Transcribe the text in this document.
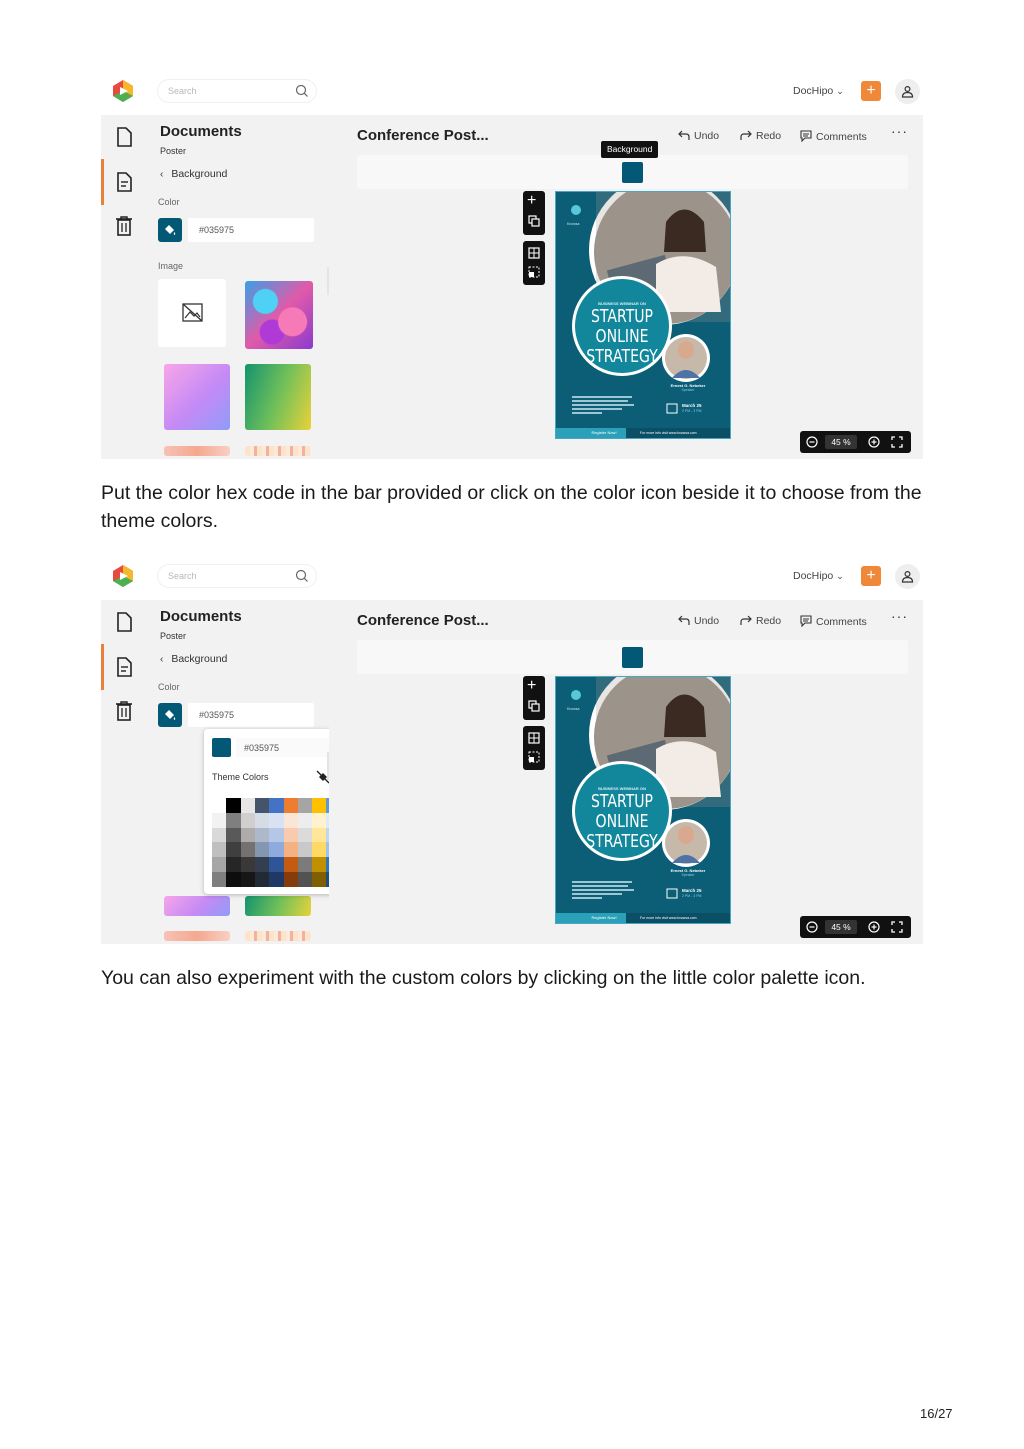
Search	DocHipo ⌄	+
Documents
Poster
‹ Background
Color
#035975
Image
Conference Post...	Undo	Redo	Comments ···
Background
+
Knowsa
BUSINESS WEBINAR ON
STARTUP
ONLINE
STRATEGY
Ernest G. Nebeker
Speaker
March 25
2 PM - 3 PM
Register Now!	For more info visit www.knowsa.com
45 %
Put the color hex code in the bar provided or click on the color icon beside it to choose from the theme colors.
Search	DocHipo ⌄	+
Documents
Poster
‹ Background
Color
#035975
#035975
Theme Colors
Conference Post...	Undo	Redo	Comments ···
+
Knowsa
BUSINESS WEBINAR ON
STARTUP
ONLINE
STRATEGY
Ernest G. Nebeker
Speaker
March 25
2 PM - 3 PM
Register Now!	For more info visit www.knowsa.com
45 %
You can also experiment with the custom colors by clicking on the little color palette icon.
16/27
